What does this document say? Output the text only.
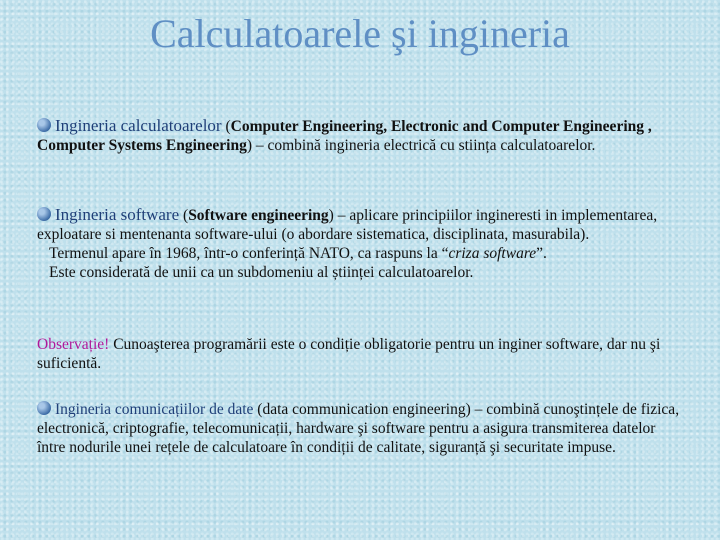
Calculatoarele şi ingineria
Ingineria calculatoarelor (Computer Engineering, Electronic and Computer Engineering , Computer Systems Engineering) – combină ingineria electrică cu stiința calculatoarelor.
Ingineria software (Software engineering) – aplicare principiilor ingineresti in implementarea, exploatare si mentenanta software-ului (o abordare sistematica, disciplinata, masurabila).
Termenul apare în 1968, într-o conferință NATO, ca raspuns la “criza software”.
Este considerată de unii ca un subdomeniu al științei calculatoarelor.
Observație! Cunoaşterea programării este o condiție obligatorie pentru un inginer software, dar nu şi suficientă.
Ingineria comunicațiilor de date (data communication engineering) – combină cunoştințele de fizica, electronică, criptografie, telecomunicații, hardware şi software pentru a asigura transmiterea datelor între nodurile unei rețele de calculatoare în condiții de calitate, siguranță şi securitate impuse.
